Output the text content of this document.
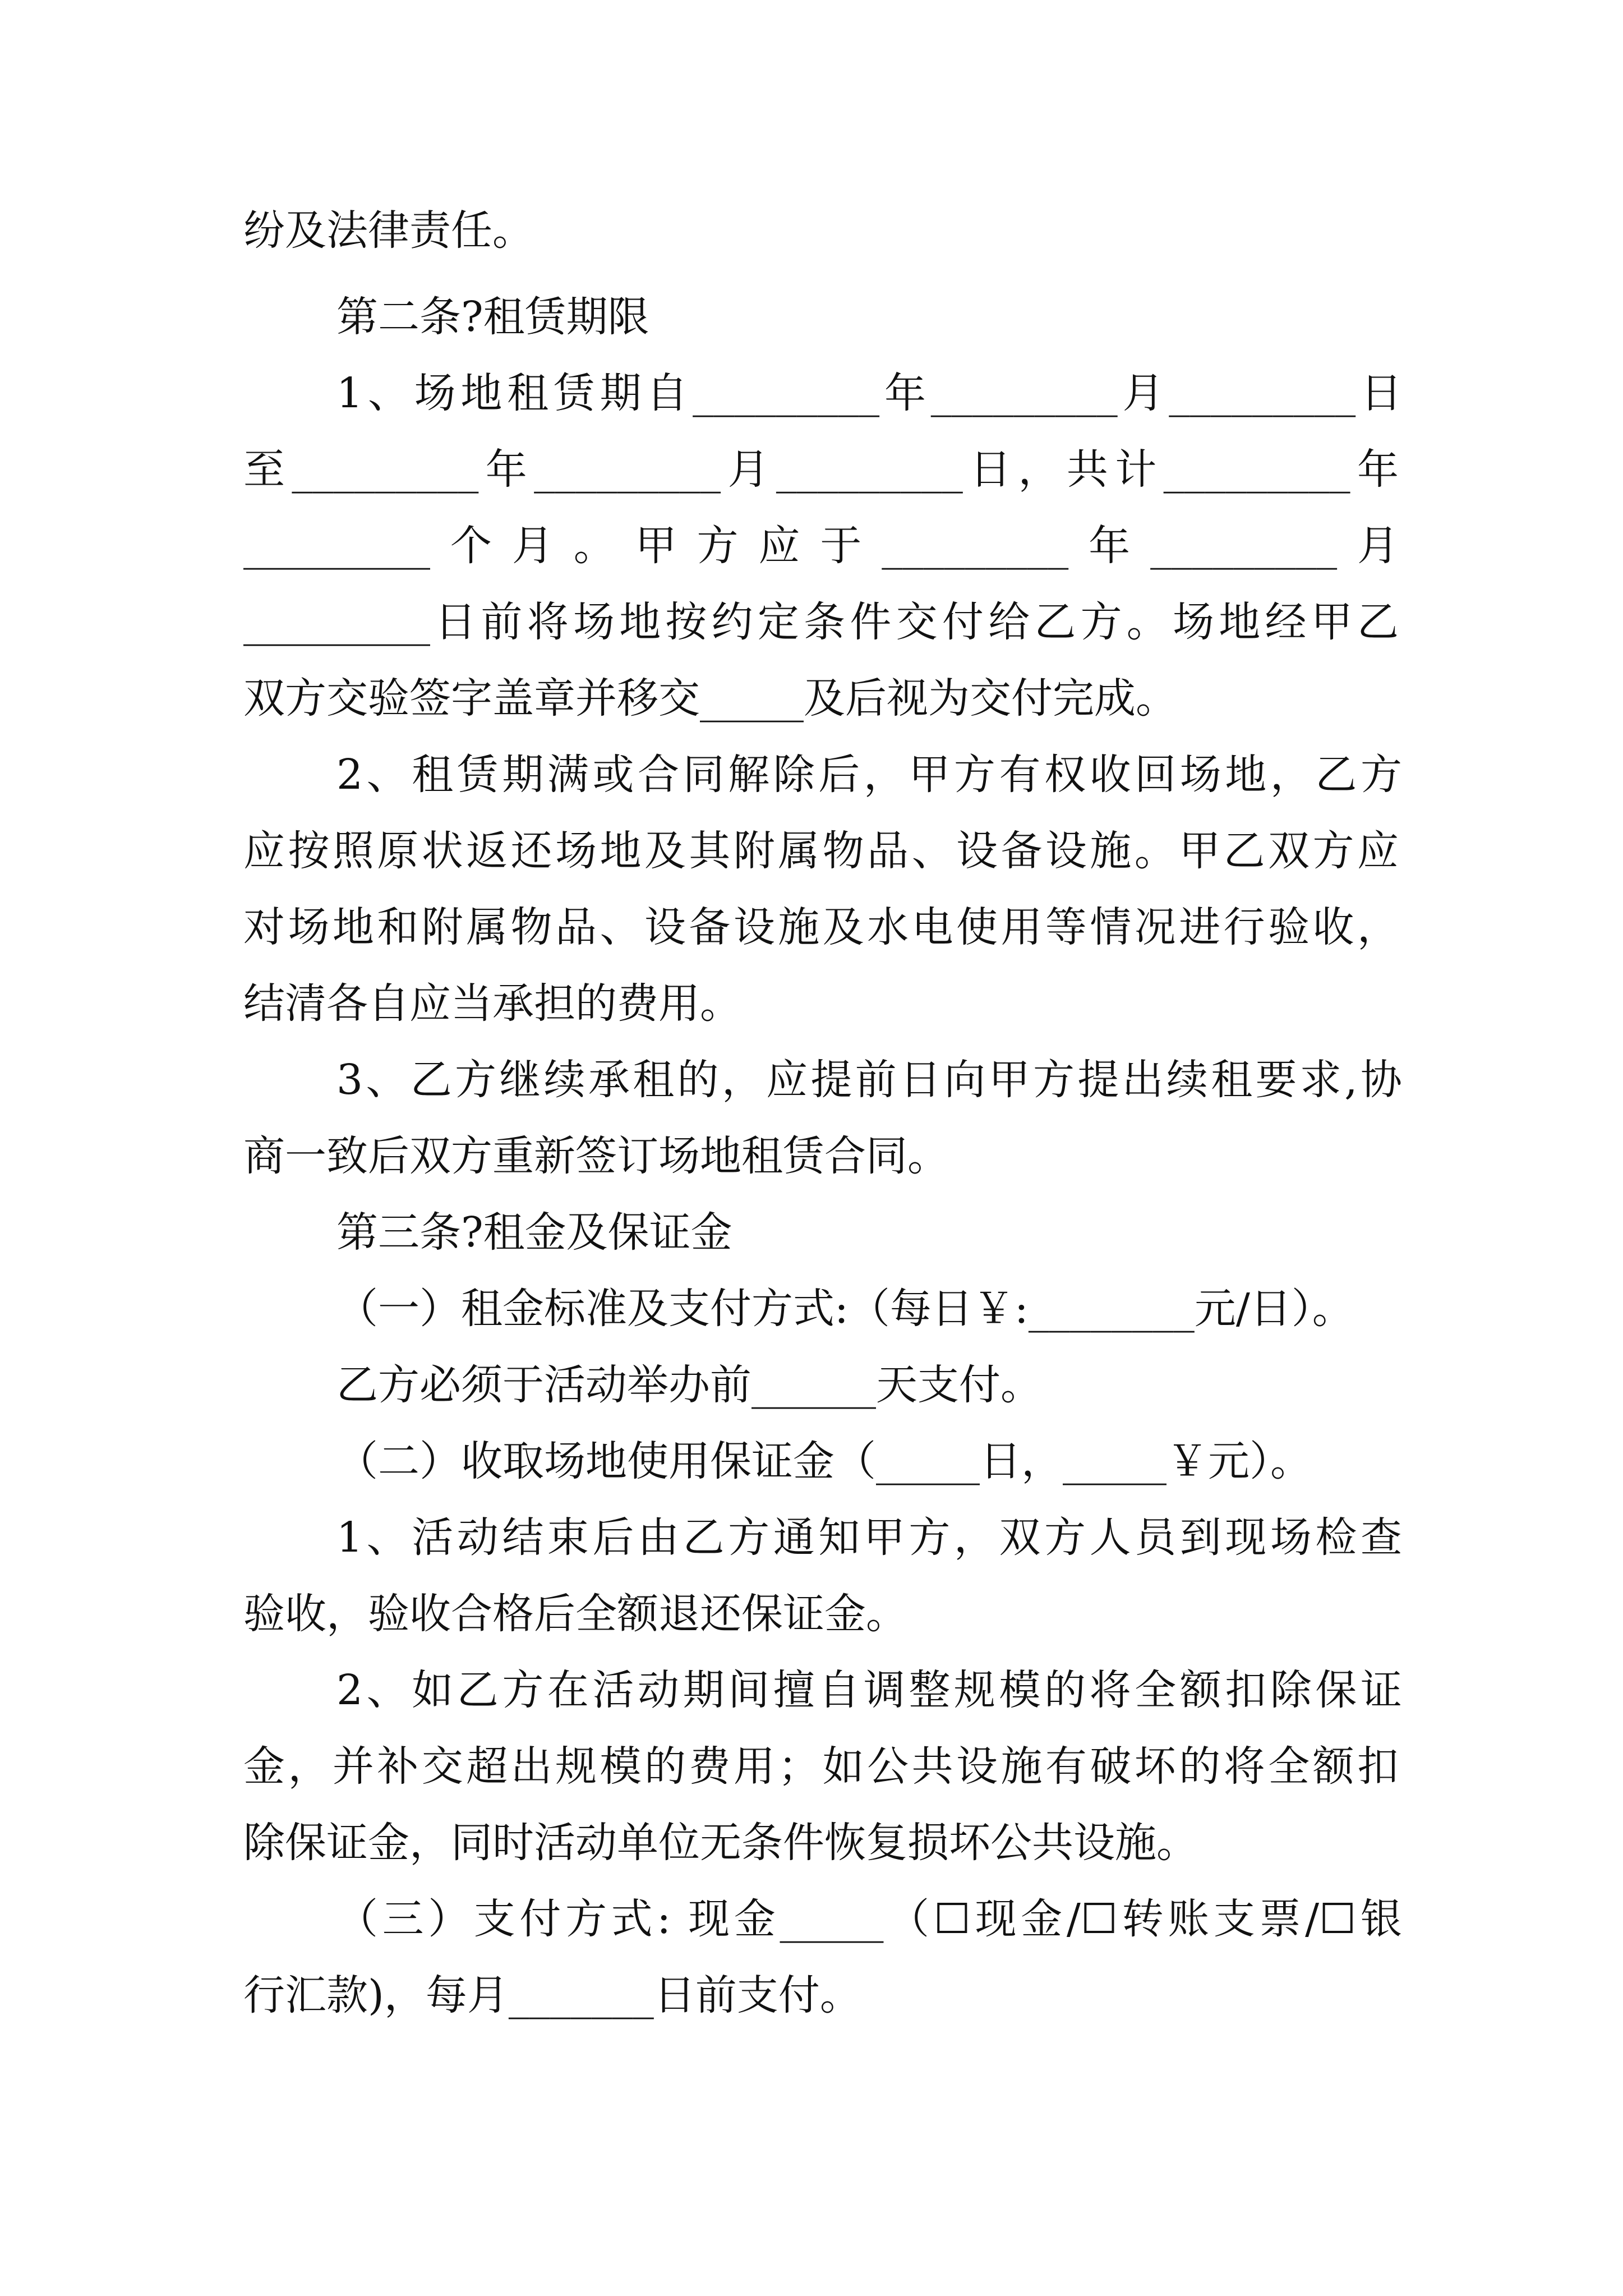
纷及法律责任。
第二条?租赁期限
1、场地租赁期自_________年_________月_________日
至_________年_________月_________日，共计_________年
_________个月。甲方应于_________年_________月
_________日前将场地按约定条件交付给乙方。场地经甲乙
双方交验签字盖章并移交_____及后视为交付完成。
2、租赁期满或合同解除后，甲方有权收回场地，乙方
应按照原状返还场地及其附属物品、设备设施。甲乙双方应
对场地和附属物品、设备设施及水电使用等情况进行验收，
结清各自应当承担的费用。
3、乙方继续承租的，应提前日向甲方提出续租要求,协
商一致后双方重新签订场地租赁合同。
第三条?租金及保证金
（一）租金标准及支付方式:（每日￥:________元/日）。
乙方必须于活动举办前______天支付。
（二）收取场地使用保证金（_____日，_____￥元）。
1、活动结束后由乙方通知甲方，双方人员到现场检查
验收，验收合格后全额退还保证金。
2、如乙方在活动期间擅自调整规模的将全额扣除保证
金，并补交超出规模的费用；如公共设施有破坏的将全额扣
除保证金，同时活动单位无条件恢复损坏公共设施。
（三）支付方式: 现金_____（☐现金/☐转账支票/☐银
行汇款)，每月_______日前支付。
